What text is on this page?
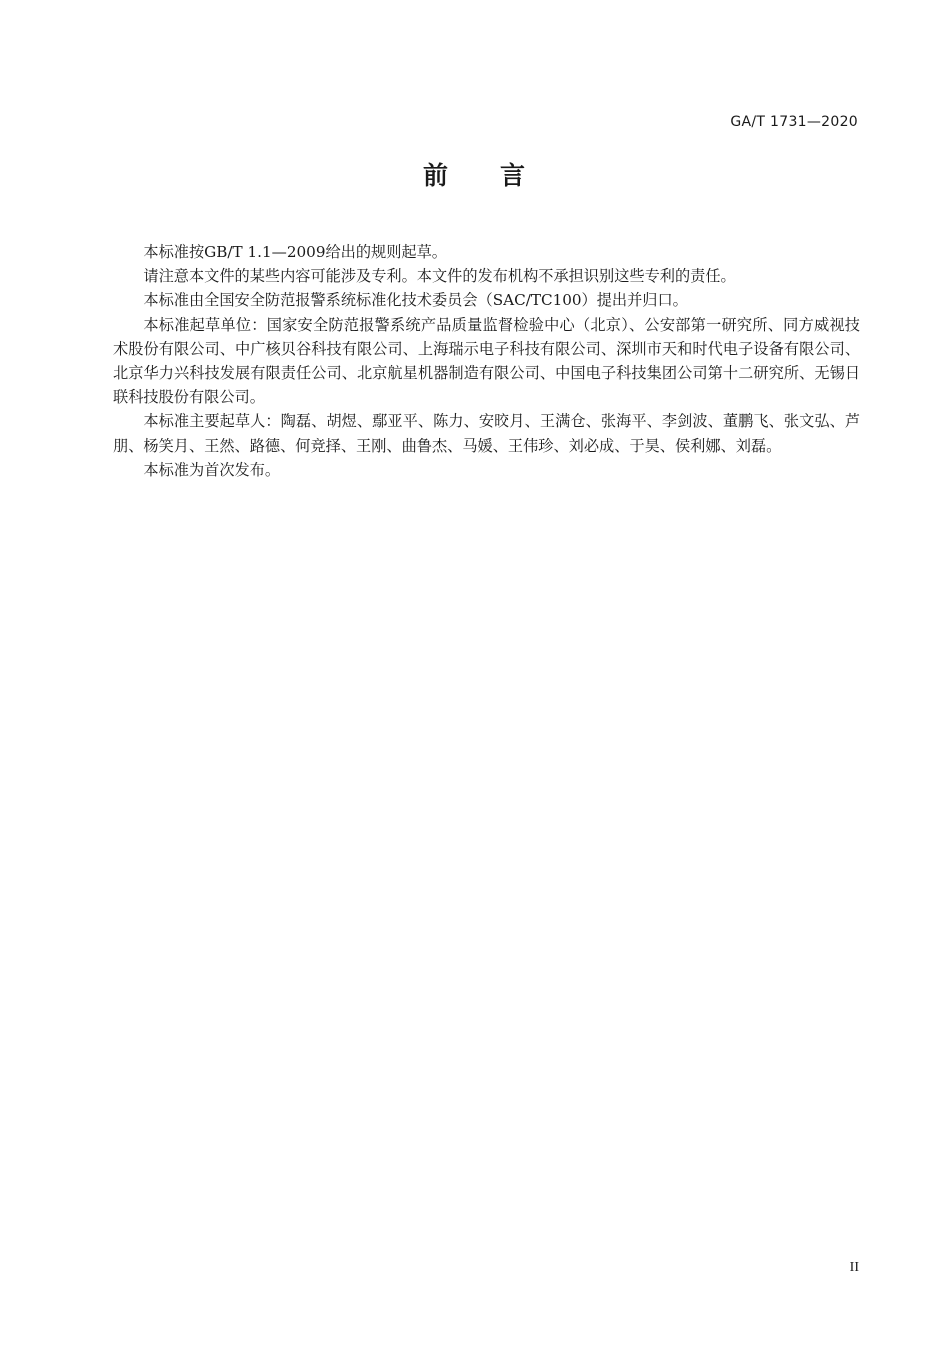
GA/T 1731—2020
前 言

本标准按GB/T 1.1—2009给出的规则起草。

请注意本文件的某些内容可能涉及专利。本文件的发布机构不承担识别这些专利的责任。

本标准由全国安全防范报警系统标准化技术委员会（SAC/TC100）提出并归口。

本标准起草单位：国家安全防范报警系统产品质量监督检验中心（北京）、公安部第一研究所、同方威视技术股份有限公司、中广核贝谷科技有限公司、上海瑞示电子科技有限公司、深圳市天和时代电子设备有限公司、北京华力兴科技发展有限责任公司、北京航星机器制造有限公司、中国电子科技集团公司第十二研究所、无锡日联科技股份有限公司。

本标准主要起草人：陶磊、胡煜、鄢亚平、陈力、安晈月、王满仓、张海平、李剑波、董鹏飞、张文弘、芦朋、杨笑月、王然、路德、何竞择、王刚、曲鲁杰、马媛、王伟珍、刘必成、于昊、侯利娜、刘磊。

本标准为首次发布。

II
